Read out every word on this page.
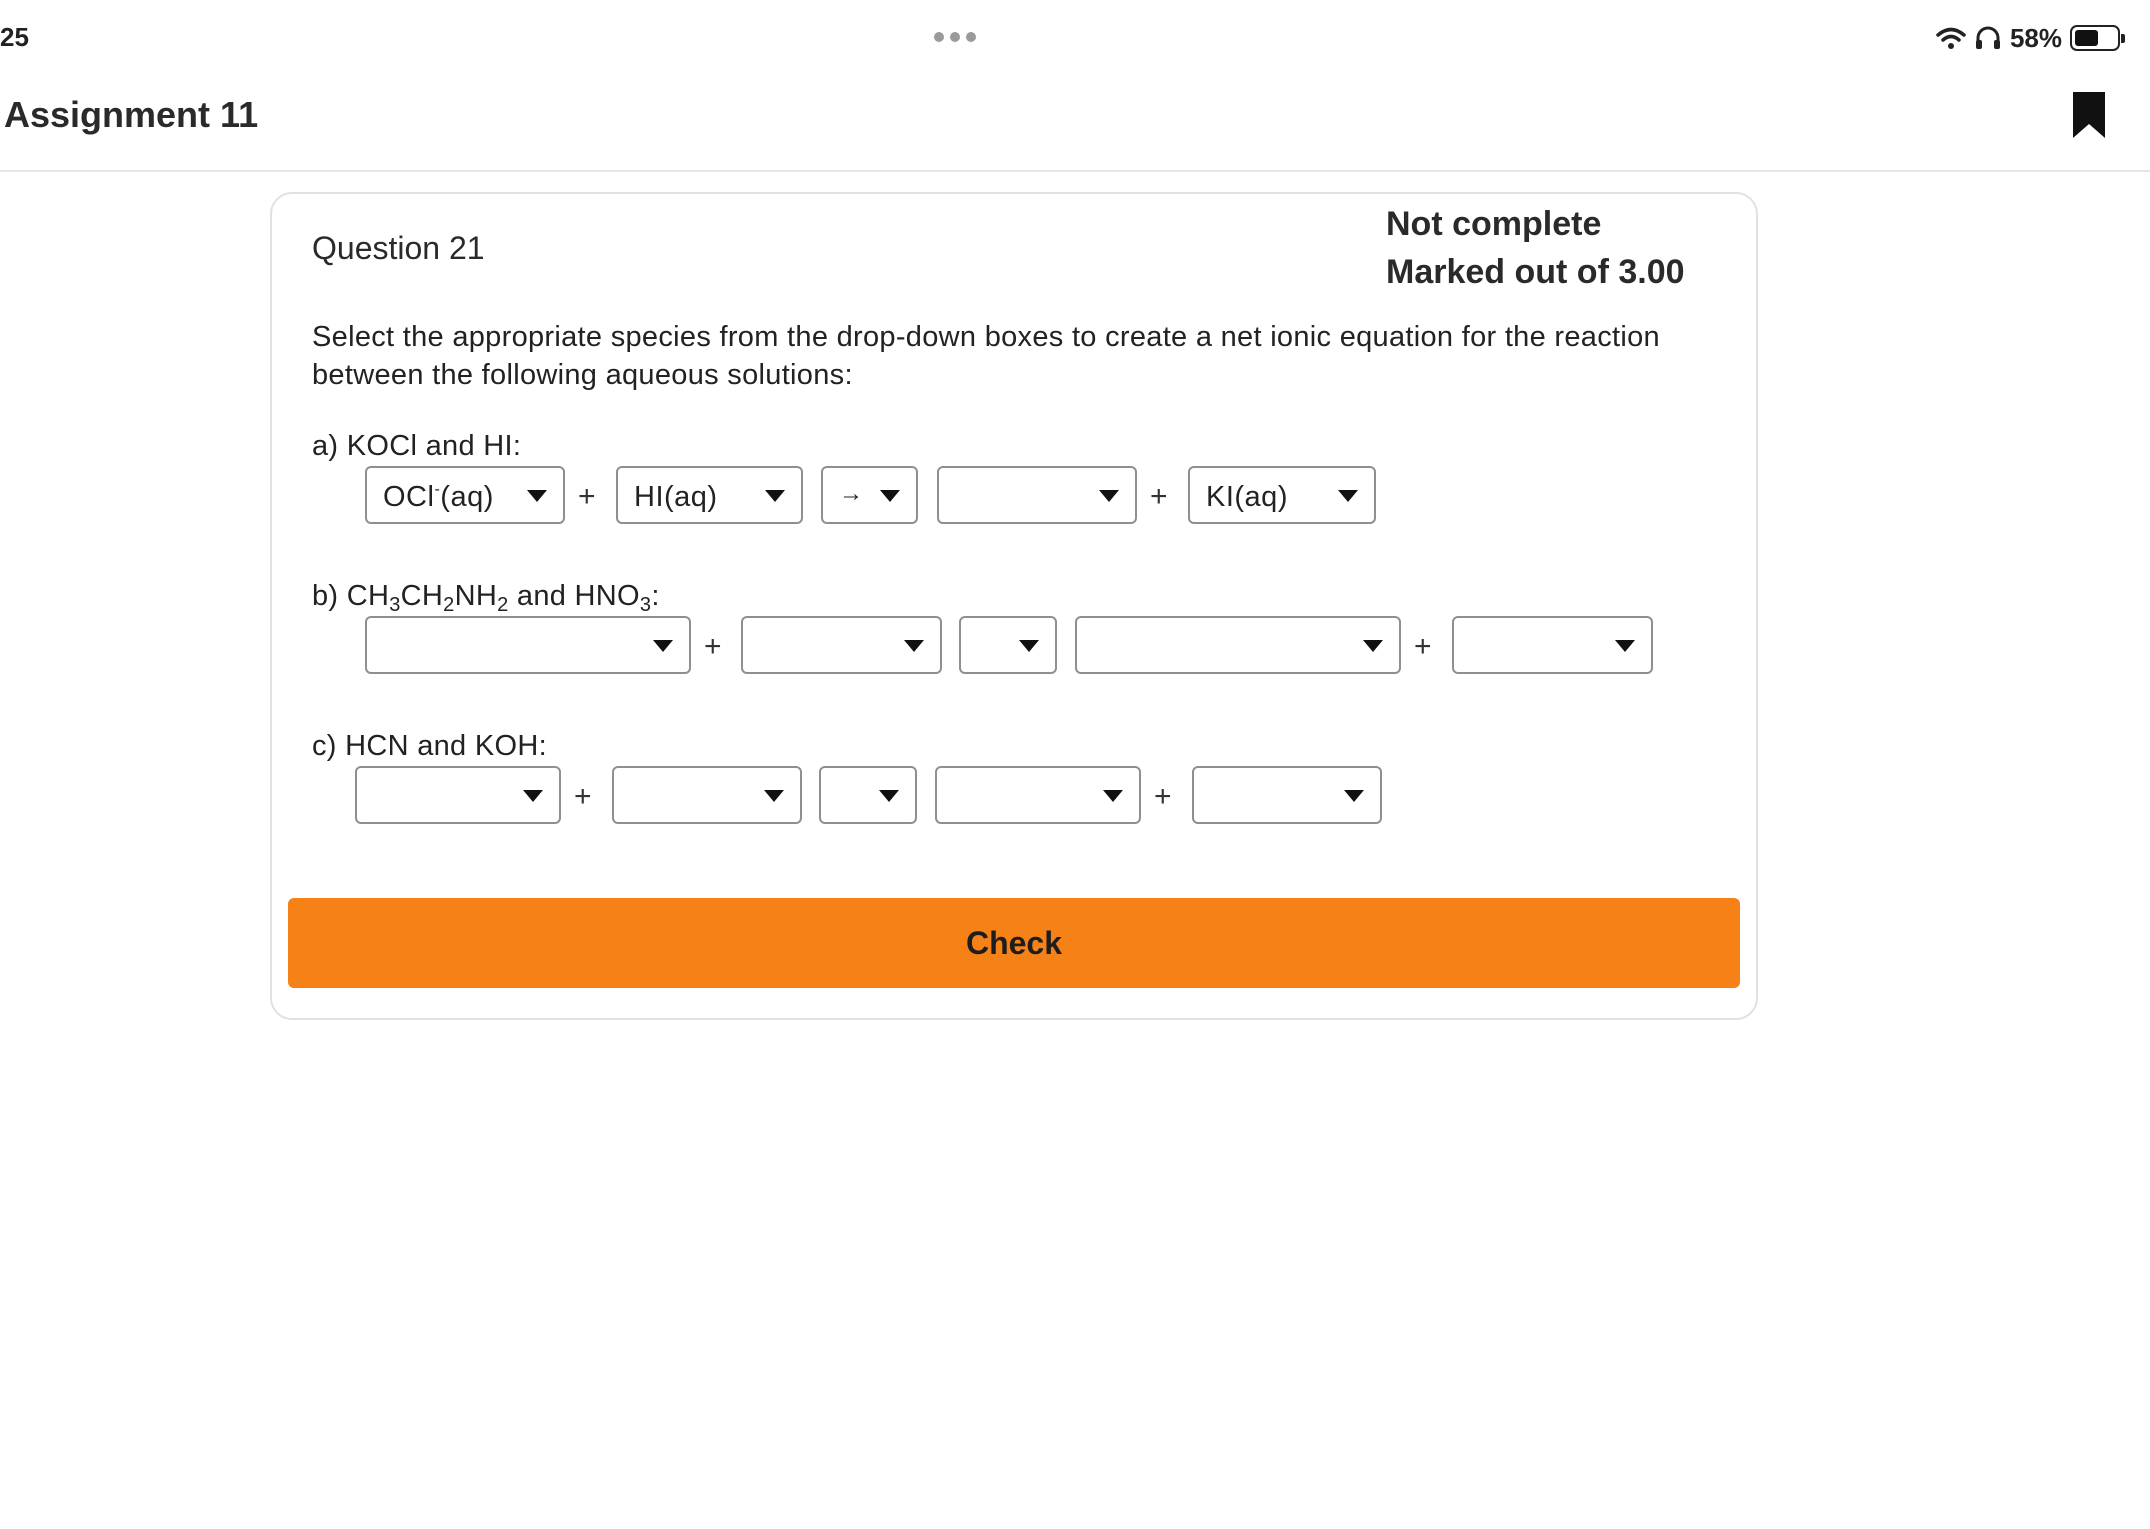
25	58%
Assignment 11
Question 21
Not complete
Marked out of 3.00
Select the appropriate species from the drop-down boxes to create a net ionic equation for the reaction between the following aqueous solutions:
a) KOCl and HI:
OCl-(aq)	+ HI(aq)	→	+ KI(aq)
b) $CH_3CH_2NH_2$ and $HNO_3$:
+	+
c) HCN and KOH:
+	+
Check
